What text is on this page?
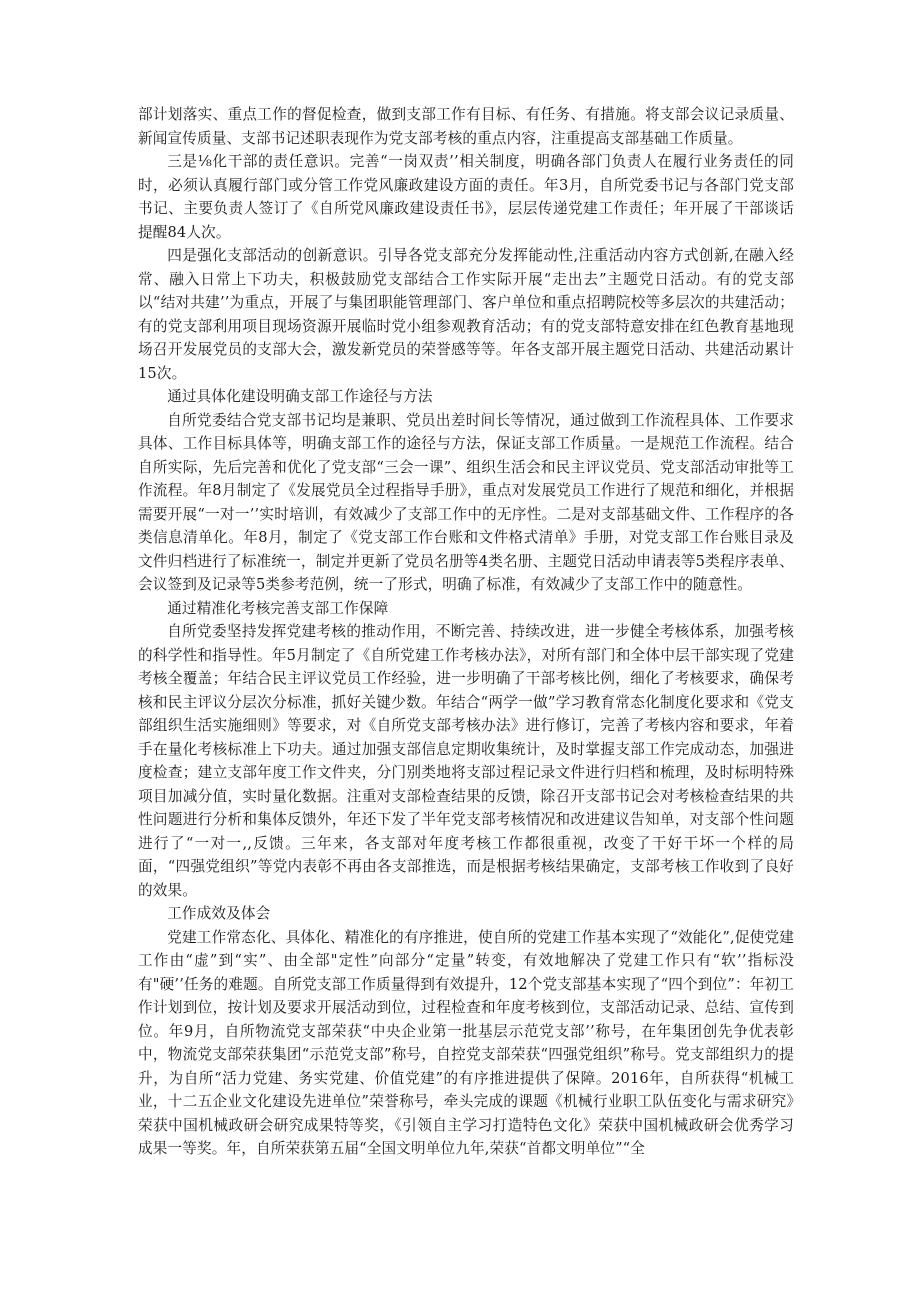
部计划落实、重点工作的督促检查，做到支部工作有目标、有任务、有措施。将支部会议记录质量、新闻宣传质量、支部书记述职表现作为党支部考核的重点内容，注重提高支部基础工作质量。

三是⅛化干部的责任意识。完善“一岗双责’’相关制度，明确各部门负责人在履行业务责任的同时，必须认真履行部门或分管工作党风廉政建设方面的责任。年3月，自所党委书记与各部门党支部书记、主要负责人签订了《自所党风廉政建设责任书》，层层传递党建工作责任；年开展了干部谈话提醒84人次。

四是强化支部活动的创新意识。引导各党支部充分发挥能动性,注重活动内容方式创新,在融入经常、融入日常上下功夫，积极鼓励党支部结合工作实际开展“走出去”主题党日活动。有的党支部以“结对共建’’为重点，开展了与集团职能管理部门、客户单位和重点招聘院校等多层次的共建活动；有的党支部利用项目现场资源开展临时党小组参观教育活动；有的党支部特意安排在红色教育基地现场召开发展党员的支部大会，激发新党员的荣誉感等等。年各支部开展主题党日活动、共建活动累计15次。

通过具体化建设明确支部工作途径与方法

自所党委结合党支部书记均是兼职、党员出差时间长等情况，通过做到工作流程具体、工作要求具体、工作目标具体等，明确支部工作的途径与方法，保证支部工作质量。一是规范工作流程。结合自所实际，先后完善和优化了党支部“三会一课”、组织生活会和民主评议党员、党支部活动审批等工作流程。年8月制定了《发展党员全过程指导手册》，重点对发展党员工作进行了规范和细化，并根据需要开展“一对一’’实时培训，有效减少了支部工作中的无序性。二是对支部基础文件、工作程序的各类信息清单化。年8月，制定了《党支部工作台账和文件格式清单》手册，对党支部工作台账目录及文件归档进行了标准统一，制定并更新了党员名册等4类名册、主题党日活动申请表等5类程序表单、会议签到及记录等5类参考范例，统一了形式，明确了标准，有效减少了支部工作中的随意性。

通过精准化考核完善支部工作保障

自所党委坚持发挥党建考核的推动作用，不断完善、持续改进，进一步健全考核体系，加强考核的科学性和指导性。年5月制定了《自所党建工作考核办法》，对所有部门和全体中层干部实现了党建考核全覆盖；年结合民主评议党员工作经验，进一步明确了干部考核比例，细化了考核要求，确保考核和民主评议分层次分标准，抓好关键少数。年结合“两学一做”学习教育常态化制度化要求和《党支部组织生活实施细则》等要求，对《自所党支部考核办法》进行修订，完善了考核内容和要求，年着手在量化考核标准上下功夫。通过加强支部信息定期收集统计，及时掌握支部工作完成动态，加强进度检查；建立支部年度工作文件夹，分门别类地将支部过程记录文件进行归档和梳理，及时标明特殊项目加减分值，实时量化数据。注重对支部检查结果的反馈，除召开支部书记会对考核检查结果的共性问题进行分析和集体反馈外，年还下发了半年党支部考核情况和改进建议告知单，对支部个性问题进行了“一对一,,反馈。三年来，各支部对年度考核工作都很重视，改变了干好干坏一个样的局面，“四强党组织”等党内表彰不再由各支部推选，而是根据考核结果确定，支部考核工作收到了良好的效果。

工作成效及体会

党建工作常态化、具体化、精准化的有序推进，使自所的党建工作基本实现了“效能化”,促使党建工作由“虚”到“实”、由全部"定性”向部分“定量”转变，有效地解决了党建工作只有“软’’指标没有"硬’’任务的难题。自所党支部工作质量得到有效提升，12个党支部基本实现了“四个到位”：年初工作计划到位，按计划及要求开展活动到位，过程检查和年度考核到位，支部活动记录、总结、宣传到位。年9月，自所物流党支部荣获“中央企业第一批基层示范党支部’’称号，在年集团创先争优表彰中，物流党支部荣获集团“示范党支部”称号，自控党支部荣获“四强党组织”称号。党支部组织力的提升，为自所“活力党建、务实党建、价值党建”的有序推进提供了保障。2016年，自所获得“机械工业，十二五企业文化建设先进单位”荣誉称号，牵头完成的课题《机械行业职工队伍变化与需求研究》荣获中国机械政研会研究成果特等奖，《引领自主学习打造特色文化》荣获中国机械政研会优秀学习成果一等奖。年，自所荣获第五届“全国文明单位九年,荣获“首都文明单位”“全
